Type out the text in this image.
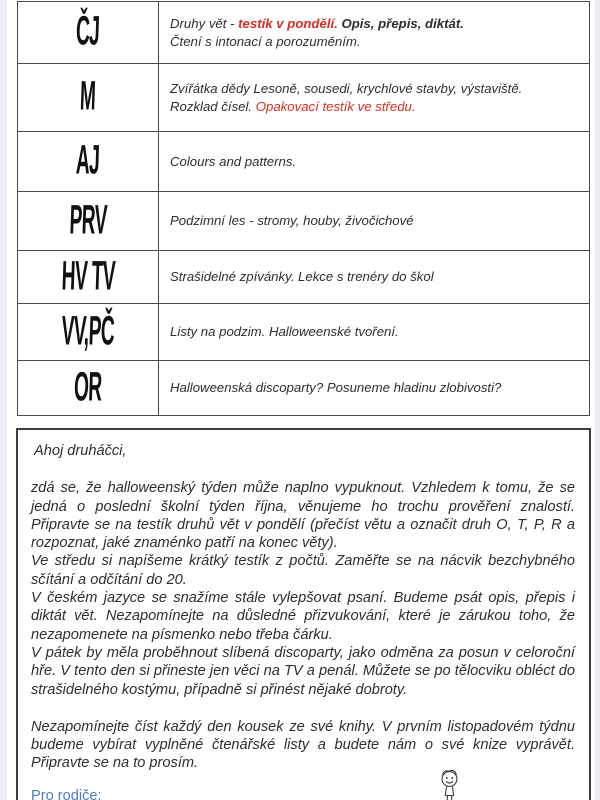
ČJ	Druhy vět - testík v pondělí. Opis, přepis, diktát.
Čtení s intonací a porozuměním.

M	Zvířátka dědy Lesoně, sousedi, krychlové stavby, výstaviště.
Rozklad čísel. Opakovací testík ve středu.

AJ	Colours and patterns.

PRV	Podzimní les - stromy, houby, živočichové

HV TV	Strašidelné zpívánky. Lekce s trenéry do škol

VV,PČ	Listy na podzim. Halloweenské tvoření.

OR	Halloweenská discoparty? Posuneme hladinu zlobivosti?

Ahoj druháčci,

zdá se, že halloweenský týden může naplno vypuknout. Vzhledem k tomu, že se jedná o poslední školní týden října, věnujeme ho trochu prověření znalostí. Připravte se na testík druhů vět v pondělí (přečíst větu a označit druh O, T, P, R a rozpoznat, jaké znaménko patří na konec věty).

Ve středu si napíšeme krátký testík z počtů. Zaměřte se na nácvik bezchybného sčítání a odčítání do 20.

V českém jazyce se snažíme stále vylepšovat psaní. Budeme psát opis, přepis i diktát vět. Nezapomínejte na důsledné přizvukování, které je zárukou toho, že nezapomenete na písmenko nebo třeba čárku.

V pátek by měla proběhnout slíbená discoparty, jako odměna za posun v celoroční hře. V tento den si přineste jen věci na TV a penál. Můžete se po tělocviku obléct do strašidelného kostýmu, případně si přinést nějaké dobroty.

Nezapomínejte číst každý den kousek ze své knihy. V prvním listopadovém týdnu budeme vybírat vyplněné čtenářské listy a budete nám o své knize vyprávět. Připravte se na to prosím.

Pro rodiče:
